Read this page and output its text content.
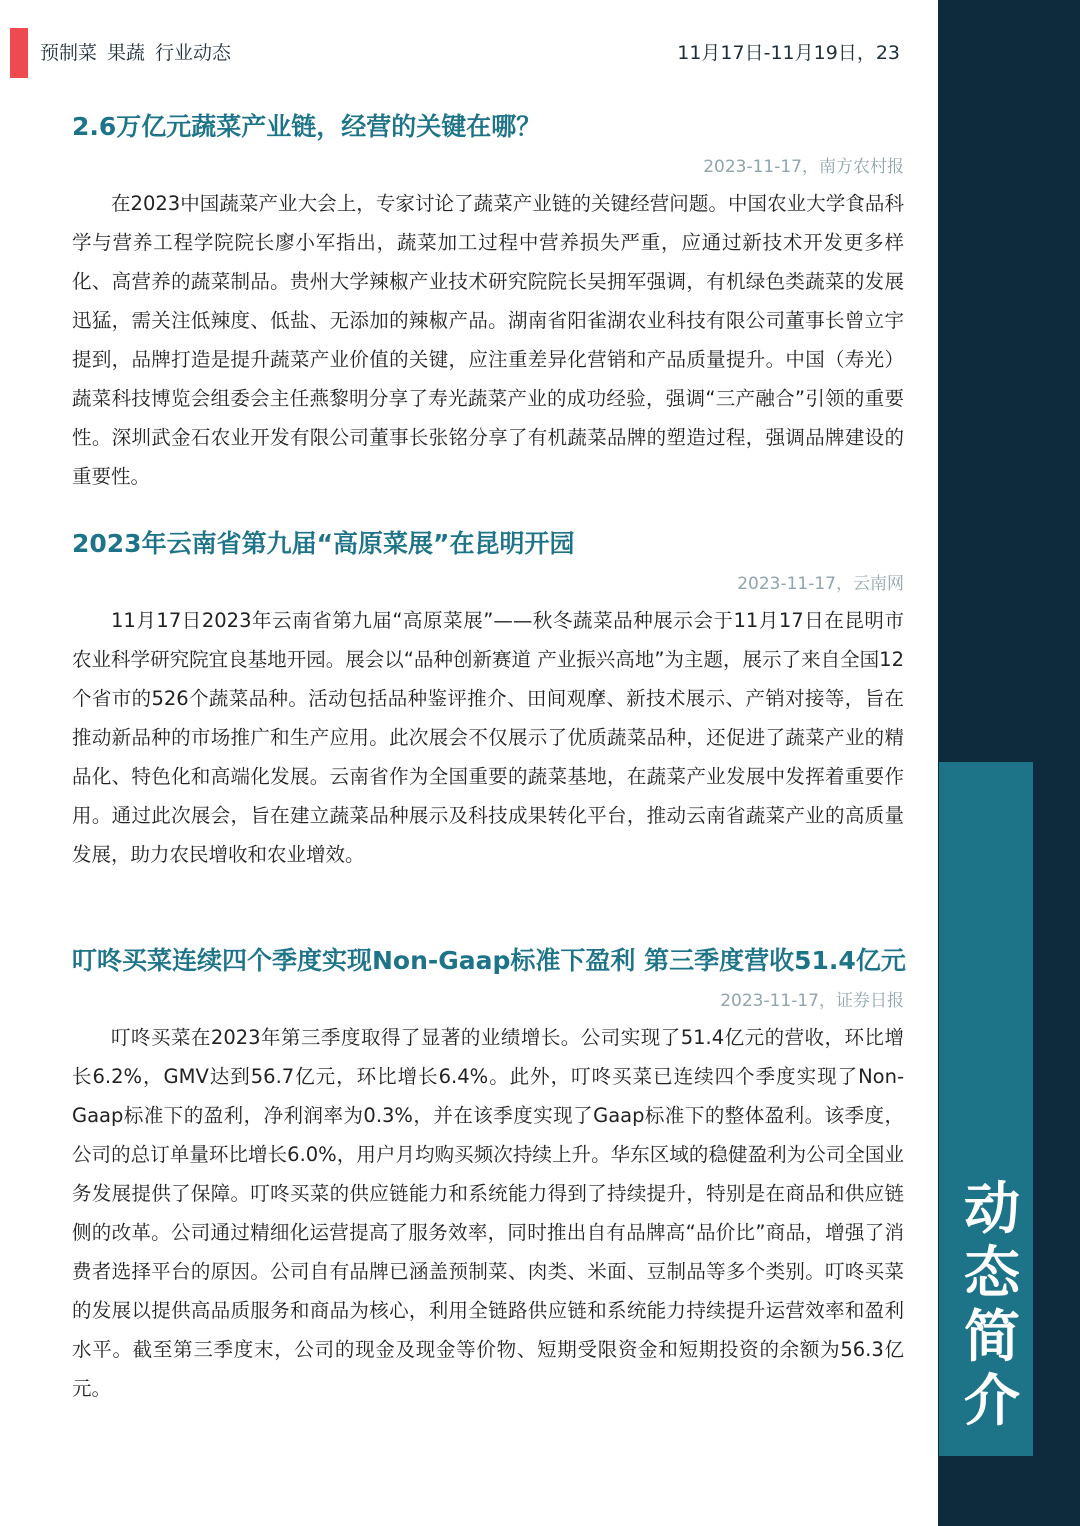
预制菜 果蔬 行业动态	11月17日-11月19日，23
动
态
简
介
2.6万亿元蔬菜产业链，经营的关键在哪？
2023-11-17，南方农村报
在2023中国蔬菜产业大会上，专家讨论了蔬菜产业链的关键经营问题。中国农业大学食品科学与营养工程学院院长廖小军指出，蔬菜加工过程中营养损失严重，应通过新技术开发更多样化、高营养的蔬菜制品。贵州大学辣椒产业技术研究院院长吴拥军强调，有机绿色类蔬菜的发展迅猛，需关注低辣度、低盐、无添加的辣椒产品。湖南省阳雀湖农业科技有限公司董事长曾立宇提到，品牌打造是提升蔬菜产业价值的关键，应注重差异化营销和产品质量提升。中国（寿光）蔬菜科技博览会组委会主任燕黎明分享了寿光蔬菜产业的成功经验，强调“三产融合”引领的重要性。深圳武金石农业开发有限公司董事长张铭分享了有机蔬菜品牌的塑造过程，强调品牌建设的重要性。
2023年云南省第九届“高原菜展”在昆明开园
2023-11-17，云南网
11月17日2023年云南省第九届“高原菜展”——秋冬蔬菜品种展示会于11月17日在昆明市农业科学研究院宜良基地开园。展会以“品种创新赛道 产业振兴高地”为主题，展示了来自全国12个省市的526个蔬菜品种。活动包括品种鉴评推介、田间观摩、新技术展示、产销对接等，旨在推动新品种的市场推广和生产应用。此次展会不仅展示了优质蔬菜品种，还促进了蔬菜产业的精品化、特色化和高端化发展。云南省作为全国重要的蔬菜基地，在蔬菜产业发展中发挥着重要作用。通过此次展会，旨在建立蔬菜品种展示及科技成果转化平台，推动云南省蔬菜产业的高质量发展，助力农民增收和农业增效。
叮咚买菜连续四个季度实现Non-Gaap标准下盈利 第三季度营收51.4亿元
2023-11-17，证券日报
叮咚买菜在2023年第三季度取得了显著的业绩增长。公司实现了51.4亿元的营收，环比增长6.2%，GMV达到56.7亿元，环比增长6.4%。此外，叮咚买菜已连续四个季度实现了Non-Gaap标准下的盈利，净利润率为0.3%，并在该季度实现了Gaap标准下的整体盈利。该季度，公司的总订单量环比增长6.0%，用户月均购买频次持续上升。华东区域的稳健盈利为公司全国业务发展提供了保障。叮咚买菜的供应链能力和系统能力得到了持续提升，特别是在商品和供应链侧的改革。公司通过精细化运营提高了服务效率，同时推出自有品牌高“品价比”商品，增强了消费者选择平台的原因。公司自有品牌已涵盖预制菜、肉类、米面、豆制品等多个类别。叮咚买菜的发展以提供高品质服务和商品为核心，利用全链路供应链和系统能力持续提升运营效率和盈利水平。截至第三季度末，公司的现金及现金等价物、短期受限资金和短期投资的余额为56.3亿元。
